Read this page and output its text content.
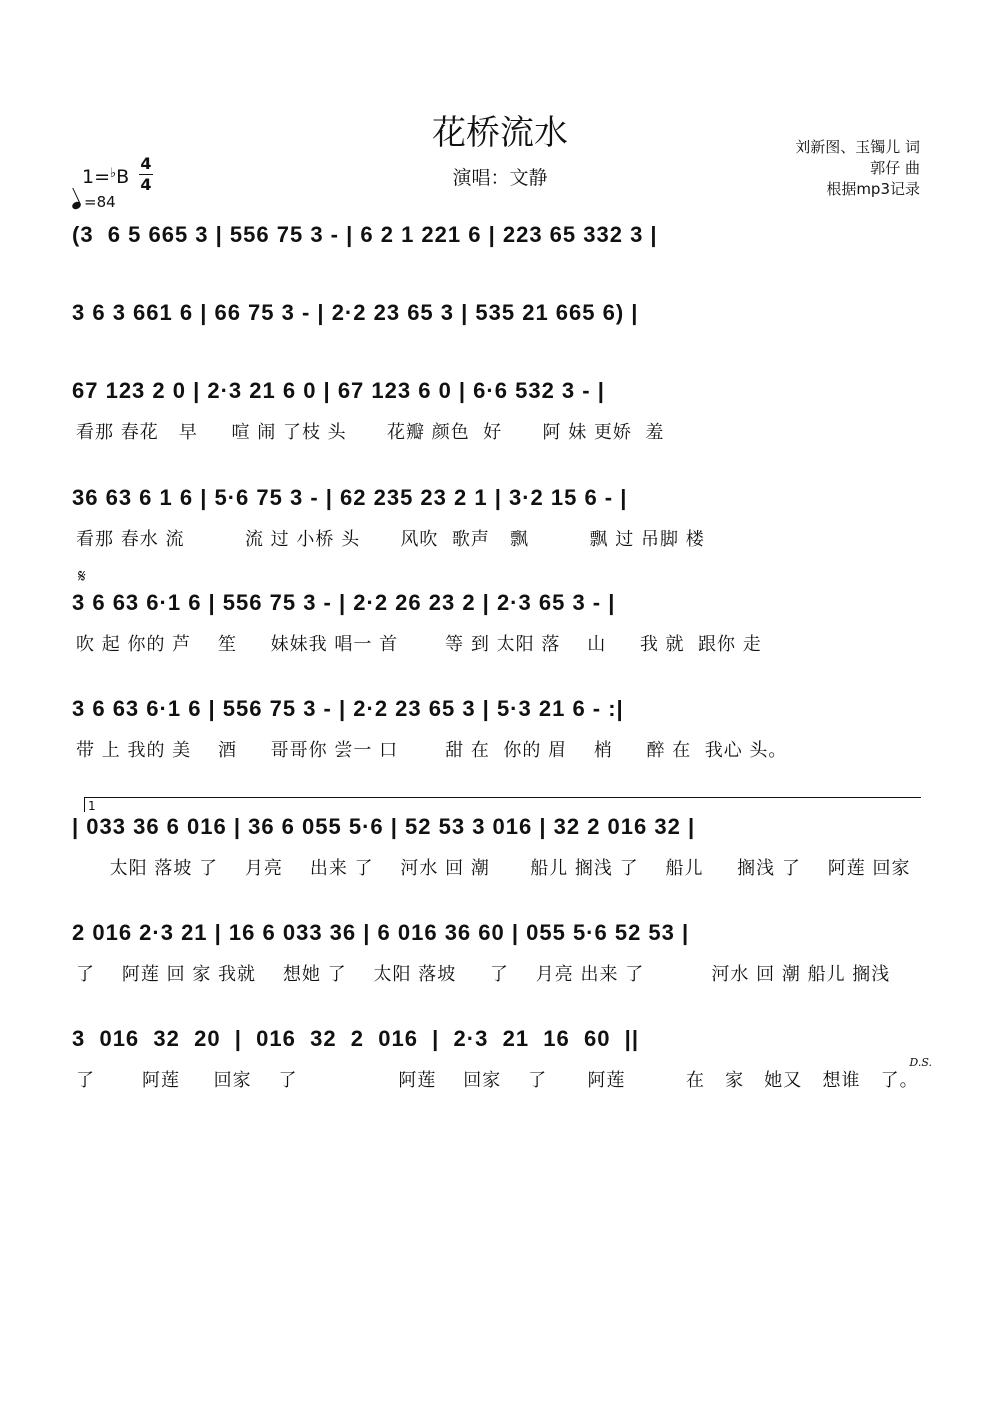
花桥流水
演唱：文静
刘新图、玉镯儿 词
郭仔 曲
根据mp3记录
1=♭B
4
4
=84
(3  6 5 665 3 | 556 75 3 - | 6 2 1 221 6 | 223 65 332 3 |
3 6 3 661 6 | 66 75 3 - | 2·2 23 65 3 | 535 21 665 6) |
67 123 2 0 | 2·3 21 6 0 | 67 123 6 0 | 6·6 532 3 - |
看那 春花   早     喧 闹 了枝 头      花瓣 颜色  好      阿 妹 更娇  羞
36 63 6 1 6 | 5·6 75 3 - | 62 235 23 2 1 | 3·2 15 6 - |
看那 春水 流         流 过 小桥 头      风吹  歌声   飘         飘 过 吊脚 楼
𝄋
3 6 63 6·1 6 | 556 75 3 - | 2·2 26 23 2 | 2·3 65 3 - |
吹 起 你的 芦    笙     妹妹我 唱一 首       等 到 太阳 落    山     我 就  跟你 走
3 6 63 6·1 6 | 556 75 3 - | 2·2 23 65 3 | 5·3 21 6 - :|
带 上 我的 美    酒     哥哥你 尝一 口       甜 在  你的 眉    梢     醉 在  我心 头。
1
| 033 36 6 016 | 36 6 055 5·6 | 52 53 3 016 | 32 2 016 32 |
太阳 落坡 了    月亮    出来 了    河水 回 潮      船儿 搁浅 了    船儿     搁浅 了    阿莲 回家
2 016 2·3 21 | 16 6 033 36 | 6 016 36 60 | 055 5·6 52 53 |
了    阿莲 回 家 我就    想她 了    太阳 落坡     了    月亮 出来 了          河水 回 潮 船儿 搁浅
3  016  32  20  |  016  32  2  016  |  2·3  21  16  60  ||
了       阿莲     回家    了               阿莲    回家    了      阿莲         在   家   她又   想谁   了。
D.S.
